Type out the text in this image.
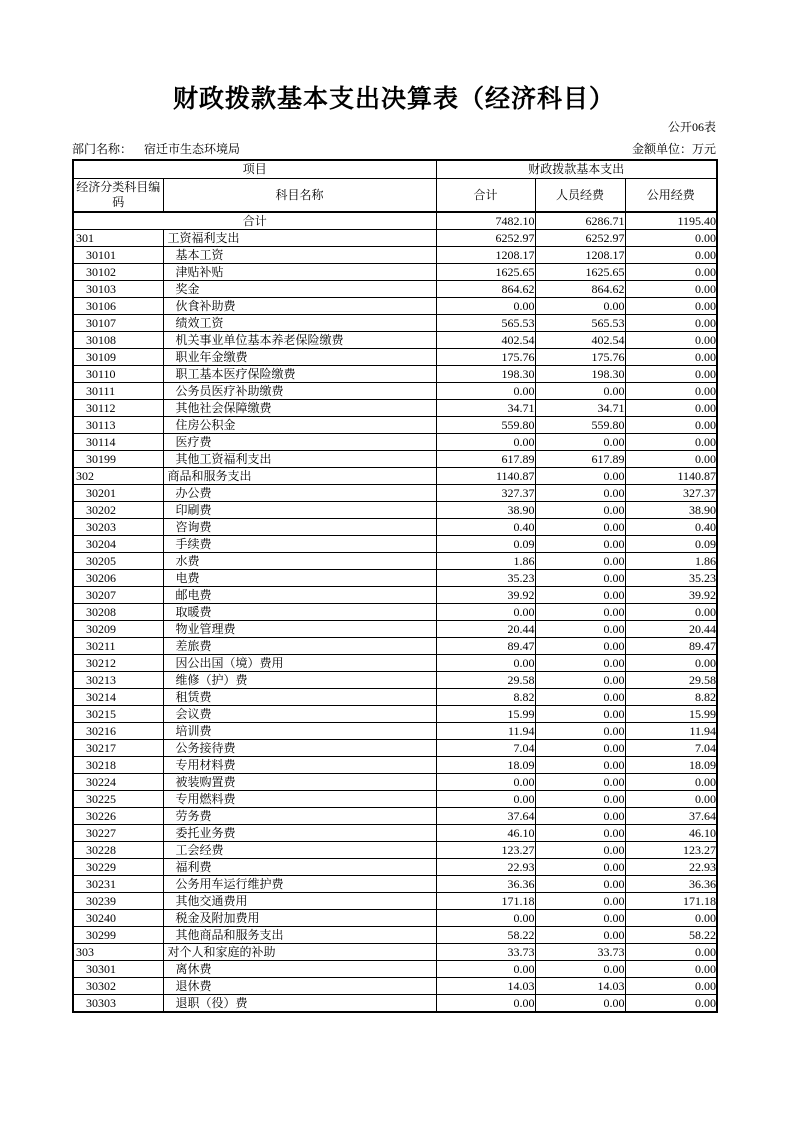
财政拨款基本支出决算表（经济科目）
公开06表
部门名称： 宿迁市生态环境局	金额单位：万元
项目		财政拨款基本支出		
经济分类科目编码	科目名称	合计	人员经费	公用经费
合计		7482.10	6286.71	1195.40
301	工资福利支出	6252.97	6252.97	0.00
30101	基本工资	1208.17	1208.17	0.00
30102	津贴补贴	1625.65	1625.65	0.00
30103	奖金	864.62	864.62	0.00
30106	伙食补助费	0.00	0.00	0.00
30107	绩效工资	565.53	565.53	0.00
30108	机关事业单位基本养老保险缴费	402.54	402.54	0.00
30109	职业年金缴费	175.76	175.76	0.00
30110	职工基本医疗保险缴费	198.30	198.30	0.00
30111	公务员医疗补助缴费	0.00	0.00	0.00
30112	其他社会保障缴费	34.71	34.71	0.00
30113	住房公积金	559.80	559.80	0.00
30114	医疗费	0.00	0.00	0.00
30199	其他工资福利支出	617.89	617.89	0.00
302	商品和服务支出	1140.87	0.00	1140.87
30201	办公费	327.37	0.00	327.37
30202	印刷费	38.90	0.00	38.90
30203	咨询费	0.40	0.00	0.40
30204	手续费	0.09	0.00	0.09
30205	水费	1.86	0.00	1.86
30206	电费	35.23	0.00	35.23
30207	邮电费	39.92	0.00	39.92
30208	取暖费	0.00	0.00	0.00
30209	物业管理费	20.44	0.00	20.44
30211	差旅费	89.47	0.00	89.47
30212	因公出国（境）费用	0.00	0.00	0.00
30213	维修（护）费	29.58	0.00	29.58
30214	租赁费	8.82	0.00	8.82
30215	会议费	15.99	0.00	15.99
30216	培训费	11.94	0.00	11.94
30217	公务接待费	7.04	0.00	7.04
30218	专用材料费	18.09	0.00	18.09
30224	被装购置费	0.00	0.00	0.00
30225	专用燃料费	0.00	0.00	0.00
30226	劳务费	37.64	0.00	37.64
30227	委托业务费	46.10	0.00	46.10
30228	工会经费	123.27	0.00	123.27
30229	福利费	22.93	0.00	22.93
30231	公务用车运行维护费	36.36	0.00	36.36
30239	其他交通费用	171.18	0.00	171.18
30240	税金及附加费用	0.00	0.00	0.00
30299	其他商品和服务支出	58.22	0.00	58.22
303	对个人和家庭的补助	33.73	33.73	0.00
30301	离休费	0.00	0.00	0.00
30302	退休费	14.03	14.03	0.00
30303	退职（役）费	0.00	0.00	0.00
